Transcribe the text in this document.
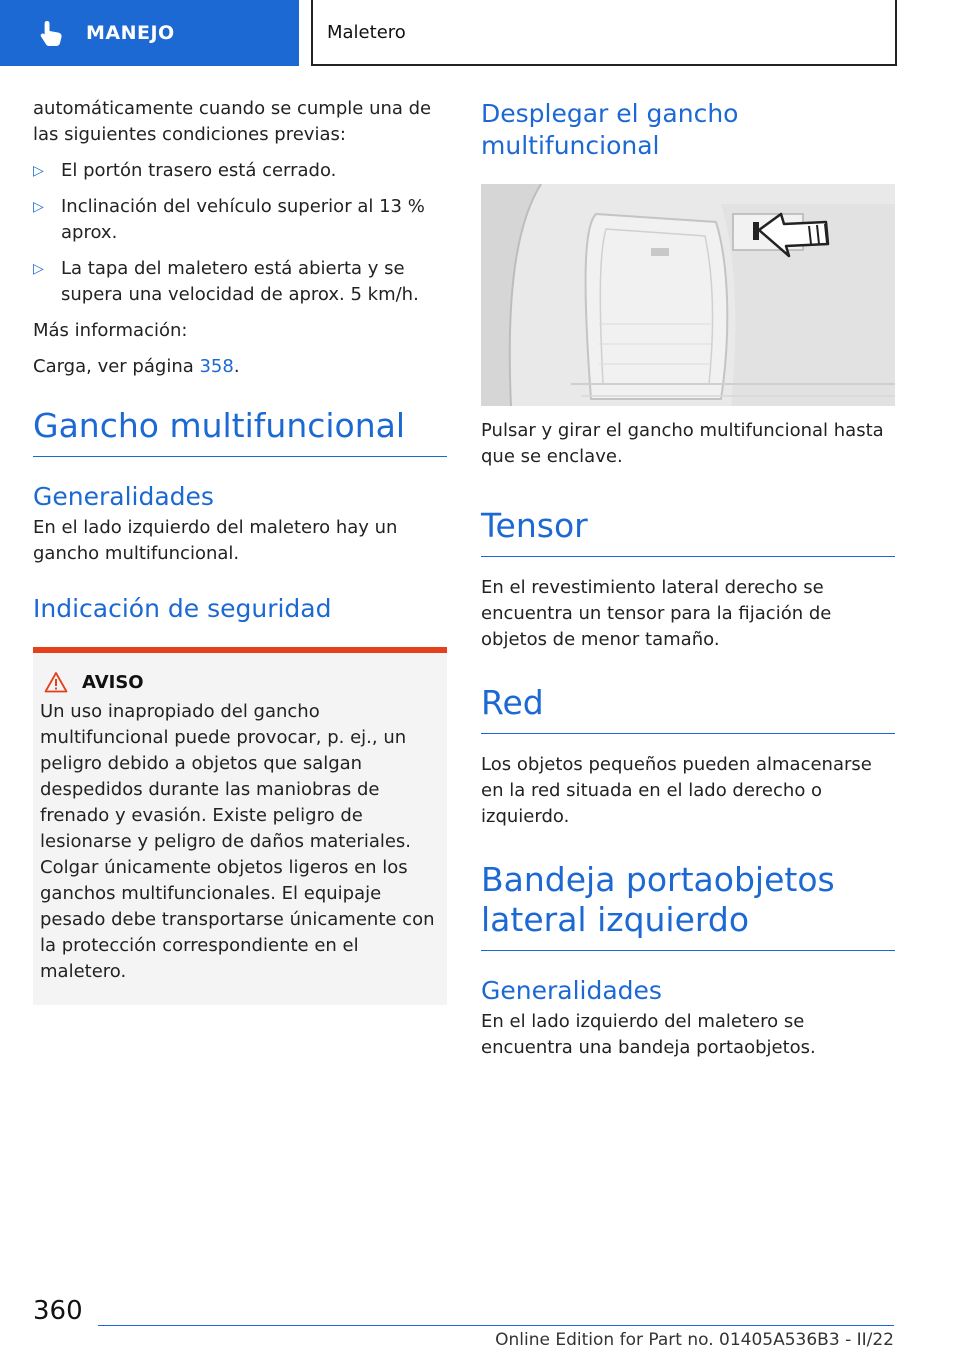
MANEJO	Maletero

automáticamente cuando se cumple una de las siguientes condiciones previas:

▷ El portón trasero está cerrado.
▷ Inclinación del vehículo superior al 13 % aprox.
▷ La tapa del maletero está abierta y se supera una velocidad de aprox. 5 km/h.

Más información:

Carga, ver página 358.

Gancho multifuncional
Generalidades

En el lado izquierdo del maletero hay un gancho multifuncional.

Indicación de seguridad
AVISO

Un uso inapropiado del gancho multifuncional puede provocar, p. ej., un peligro debido a objetos que salgan despedidos durante las maniobras de frenado y evasión. Existe peligro de lesionarse y peligro de daños materiales. Colgar únicamente objetos ligeros en los ganchos multifuncionales. El equipaje pesado debe transportarse únicamente con la protección correspondiente en el maletero.

Desplegar el gancho multifuncional

Pulsar y girar el gancho multifuncional hasta que se enclave.

Tensor

En el revestimiento lateral derecho se encuentra un tensor para la fijación de objetos de menor tamaño.

Red

Los objetos pequeños pueden almacenarse en la red situada en el lado derecho o izquierdo.

Bandeja portaobjetos lateral izquierdo
Generalidades

En el lado izquierdo del maletero se encuentra una bandeja portaobjetos.

360
Online Edition for Part no. 01405A536B3 - II/22
